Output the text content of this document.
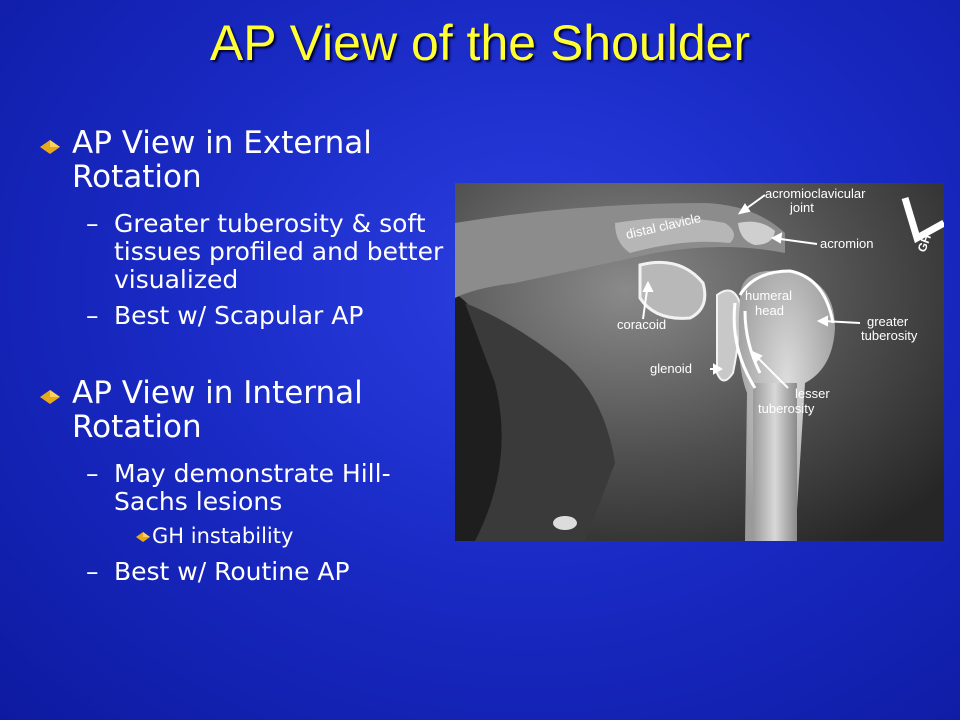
AP View of the Shoulder
AP View in External Rotation
– Greater tuberosity & soft tissues profiled and better visualized
– Best w/ Scapular AP
AP View in Internal Rotation
– May demonstrate Hill-Sachs lesions
GH instability
– Best w/ Routine AP
acromioclavicular
joint
distal clavicle
acromion
humeral
head
coracoid	greater
tuberosity
glenoid
lesser
tuberosity
GH
